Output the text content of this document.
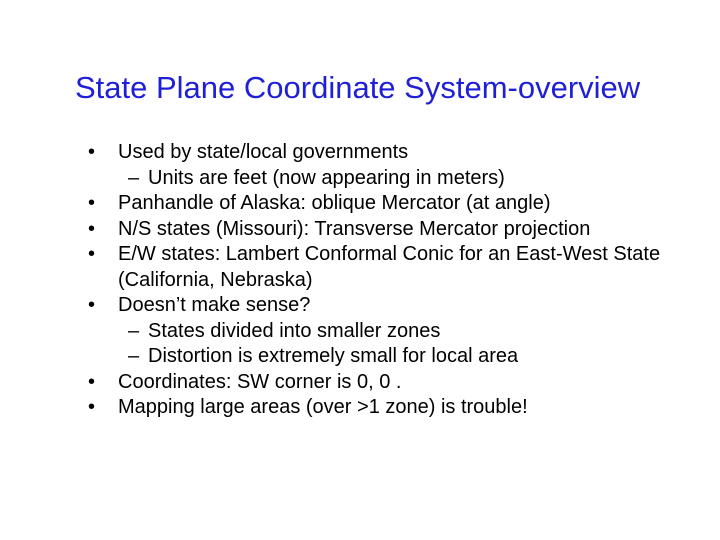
State Plane Coordinate System-overview
•	Used by state/local governments
– Units are feet (now appearing in meters)
•	Panhandle of Alaska: oblique Mercator (at angle)
•	N/S states (Missouri): Transverse Mercator projection
•	E/W states: Lambert Conformal Conic for an East-West State (California, Nebraska)
•	Doesn’t make sense?
– States divided into smaller zones
– Distortion is extremely small for local area
•	Coordinates: SW corner is 0, 0 .
•	Mapping large areas (over >1 zone) is trouble!
